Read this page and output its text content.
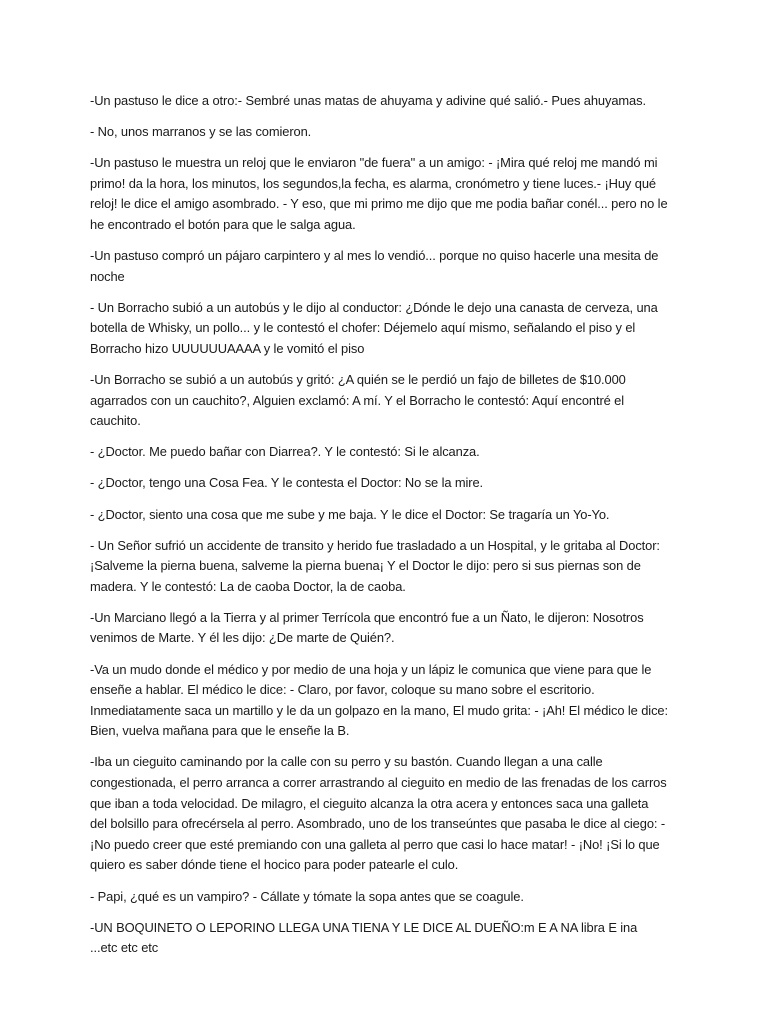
-Un pastuso le dice a otro:- Sembré unas matas de ahuyama y adivine qué salió.- Pues ahuyamas.

- No, unos marranos y se las comieron.

-Un pastuso le muestra un reloj que le enviaron "de fuera" a un amigo: - ¡Mira qué reloj me mandó mi primo! da la hora, los minutos, los segundos,la fecha, es alarma, cronómetro y tiene luces.- ¡Huy qué reloj! le dice el amigo asombrado. - Y eso, que mi primo me dijo que me podia bañar conél... pero no le he encontrado el botón para que le salga agua.

-Un pastuso compró un pájaro carpintero y al mes lo vendió... porque no quiso hacerle una mesita de noche

- Un Borracho subió a un autobús y le dijo al conductor: ¿Dónde le dejo una canasta de cerveza, una botella de Whisky, un pollo... y le contestó el chofer: Déjemelo aquí mismo, señalando el piso y el Borracho hizo UUUUUUAAAA y le vomitó el piso

-Un Borracho se subió a un autobús y gritó: ¿A quién se le perdió un fajo de billetes de $10.000 agarrados con un cauchito?, Alguien exclamó: A mí. Y el Borracho le contestó: Aquí encontré el cauchito.

- ¿Doctor. Me puedo bañar con Diarrea?. Y le contestó: Si le alcanza.

- ¿Doctor, tengo una Cosa Fea. Y le contesta el Doctor: No se la mire.

- ¿Doctor, siento una cosa que me sube y me baja. Y le dice el Doctor: Se tragaría un Yo-Yo.

- Un Señor sufrió un accidente de transito y herido fue trasladado a un Hospital, y le gritaba al Doctor: ¡Salveme la pierna buena, salveme la pierna buena¡ Y el Doctor le dijo: pero si sus piernas son de madera. Y le contestó: La de caoba Doctor, la de caoba.

-Un Marciano llegó a la Tierra y al primer Terrícola que encontró fue a un Ñato, le dijeron: Nosotros venimos de Marte. Y él les dijo: ¿De marte de Quién?.

-Va un mudo donde el médico y por medio de una hoja y un lápiz le comunica que viene para que le enseñe a hablar. El médico le dice: - Claro, por favor, coloque su mano sobre el escritorio. Inmediatamente saca un martillo y le da un golpazo en la mano, El mudo grita: - ¡Ah! El médico le dice: Bien, vuelva mañana para que le enseñe la B.

-Iba un cieguito caminando por la calle con su perro y su bastón. Cuando llegan a una calle congestionada, el perro arranca a correr arrastrando al cieguito en medio de las frenadas de los carros que iban a toda velocidad. De milagro, el cieguito alcanza la otra acera y entonces saca una galleta del bolsillo para ofrecérsela al perro. Asombrado, uno de los transeúntes que pasaba le dice al ciego: - ¡No puedo creer que esté premiando con una galleta al perro que casi lo hace matar! - ¡No! ¡Si lo que quiero es saber dónde tiene el hocico para poder patearle el culo.

- Papi, ¿qué es un vampiro? - Cállate y tómate la sopa antes que se coagule.

-UN BOQUINETO O LEPORINO LLEGA UNA TIENA Y LE DICE AL DUEÑO:m E A NA libra E ina ...etc etc etc
